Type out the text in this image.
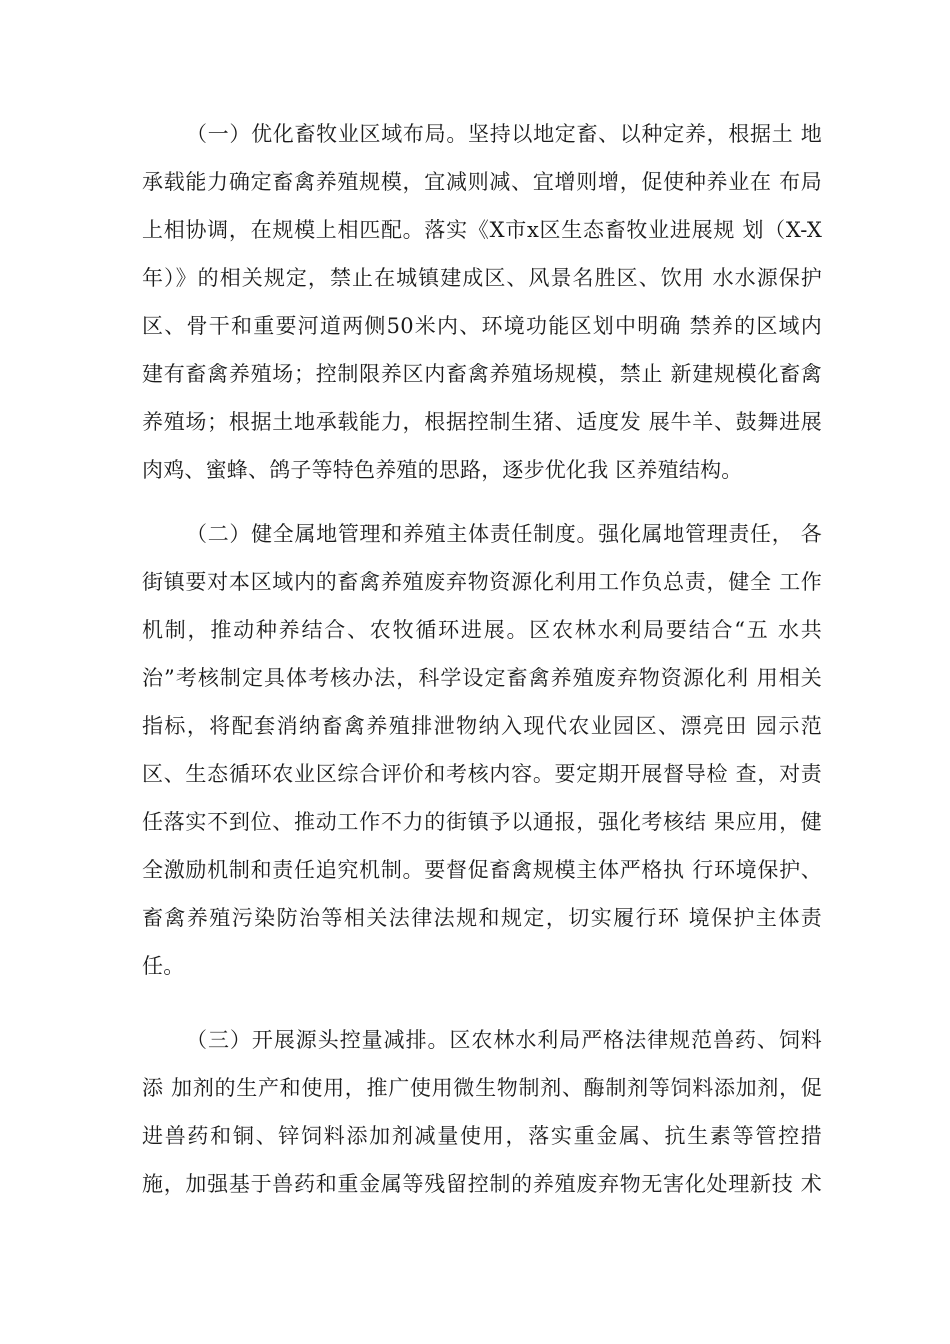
（一）优化畜牧业区域布局。坚持以地定畜、以种定养，根据土 地
承载能力确定畜禽养殖规模，宜减则减、宜增则增，促使种养业在 布局
上相协调，在规模上相匹配。落实《X市x区生态畜牧业进展规 划（X-X
年）》的相关规定，禁止在城镇建成区、风景名胜区、饮用 水水源保护
区、骨干和重要河道两侧50米内、环境功能区划中明确 禁养的区域内
建有畜禽养殖场；控制限养区内畜禽养殖场规模，禁止 新建规模化畜禽
养殖场；根据土地承载能力，根据控制生猪、适度发 展牛羊、鼓舞进展
肉鸡、蜜蜂、鸽子等特色养殖的思路，逐步优化我 区养殖结构。
（二）健全属地管理和养殖主体责任制度。强化属地管理责任， 各
街镇要对本区域内的畜禽养殖废弃物资源化利用工作负总责，健全 工作
机制，推动种养结合、农牧循环进展。区农林水利局要结合“五 水共
治”考核制定具体考核办法，科学设定畜禽养殖废弃物资源化利 用相关
指标，将配套消纳畜禽养殖排泄物纳入现代农业园区、漂亮田 园示范
区、生态循环农业区综合评价和考核内容。要定期开展督导检 查，对责
任落实不到位、推动工作不力的街镇予以通报，强化考核结 果应用，健
全激励机制和责任追究机制。要督促畜禽规模主体严格执 行环境保护、
畜禽养殖污染防治等相关法律法规和规定，切实履行环 境保护主体责
任。
（三）开展源头控量减排。区农林水利局严格法律规范兽药、饲料
添 加剂的生产和使用，推广使用微生物制剂、酶制剂等饲料添加剂，促
进兽药和铜、锌饲料添加剂减量使用，落实重金属、抗生素等管控措
施，加强基于兽药和重金属等残留控制的养殖废弃物无害化处理新技 术
